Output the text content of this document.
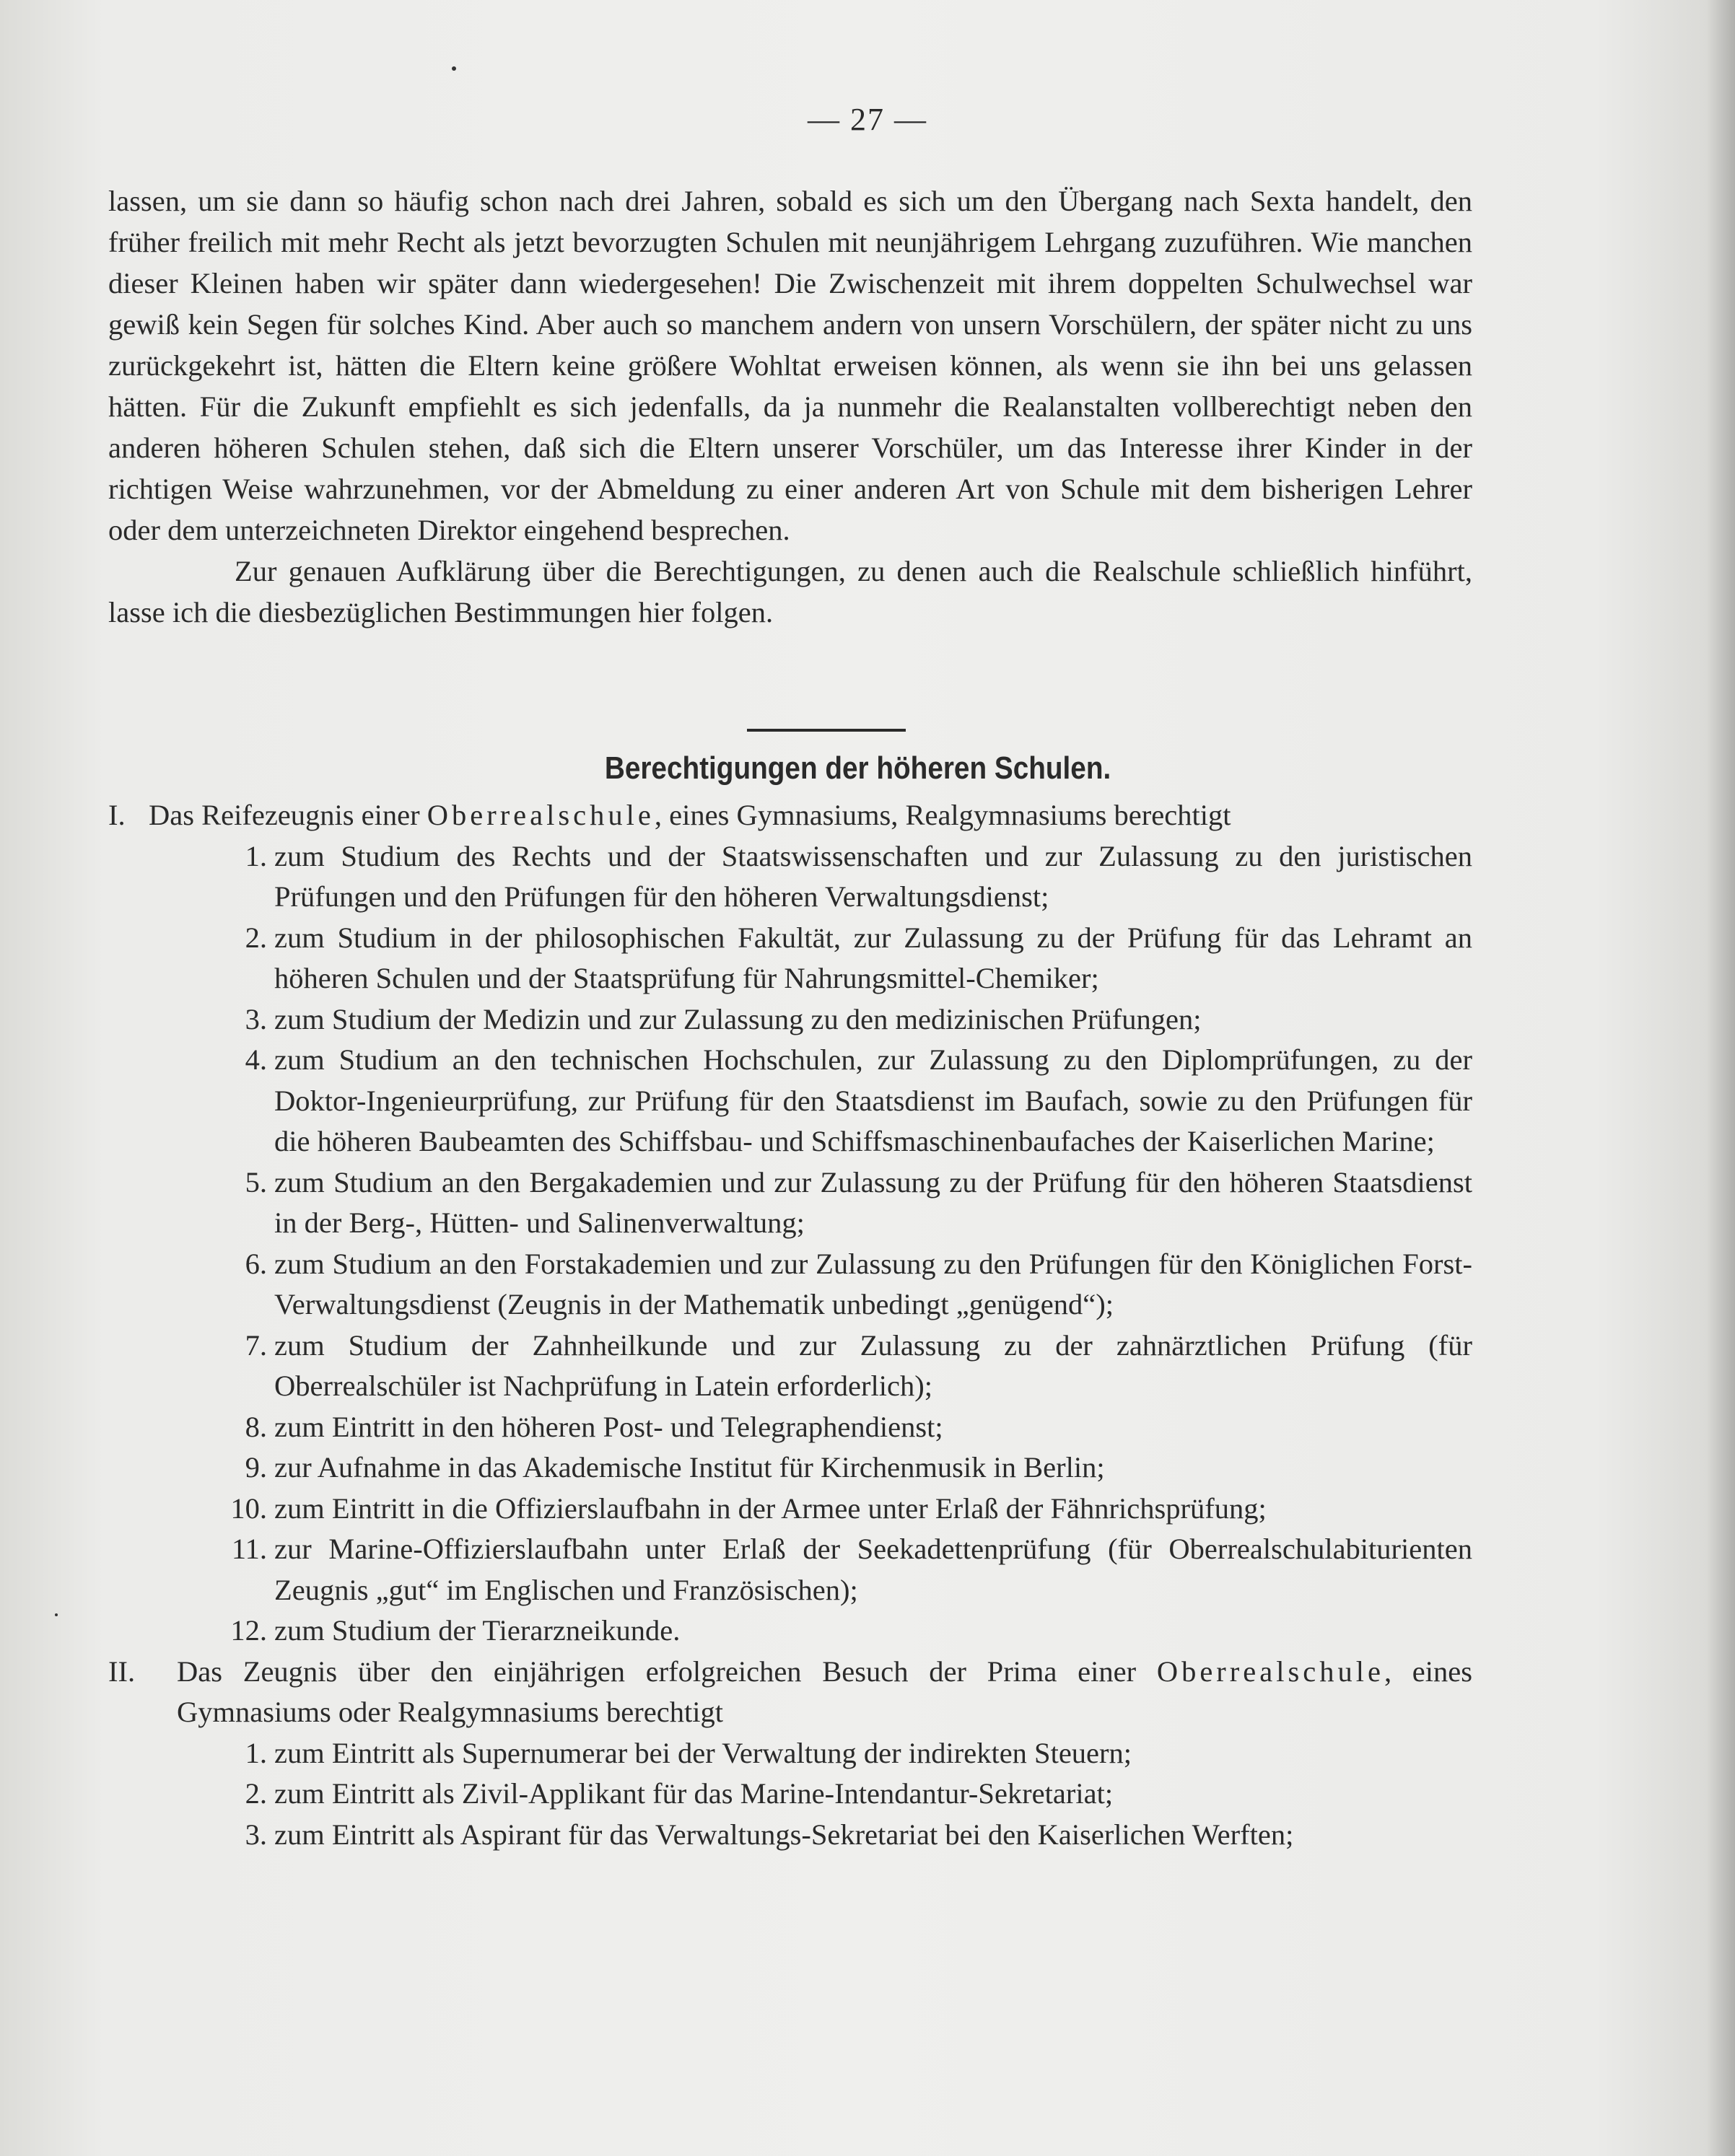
— 27 —

lassen, um sie dann so häufig schon nach drei Jahren, sobald es sich um den Übergang nach Sexta handelt, den früher freilich mit mehr Recht als jetzt bevorzugten Schulen mit neunjährigem Lehrgang zuzuführen. Wie manchen dieser Kleinen haben wir später dann wiedergesehen! Die Zwischenzeit mit ihrem doppelten Schulwechsel war gewiß kein Segen für solches Kind. Aber auch so manchem andern von unsern Vorschülern, der später nicht zu uns zurückgekehrt ist, hätten die Eltern keine größere Wohltat erweisen können, als wenn sie ihn bei uns gelassen hätten. Für die Zukunft empfiehlt es sich jedenfalls, da ja nunmehr die Realanstalten vollberechtigt neben den anderen höheren Schulen stehen, daß sich die Eltern unserer Vorschüler, um das Interesse ihrer Kinder in der richtigen Weise wahrzunehmen, vor der Abmeldung zu einer anderen Art von Schule mit dem bisherigen Lehrer oder dem unterzeichneten Direktor eingehend besprechen.

Zur genauen Aufklärung über die Berechtigungen, zu denen auch die Realschule schließlich hinführt, lasse ich die diesbezüglichen Bestimmungen hier folgen.

Berechtigungen der höheren Schulen.
I. Das Reifezeugnis einer Oberrealschule, eines Gymnasiums, Realgymnasiums berechtigt
1. zum Studium des Rechts und der Staatswissenschaften und zur Zulassung zu den juristischen Prüfungen und den Prüfungen für den höheren Verwaltungsdienst;
2. zum Studium in der philosophischen Fakultät, zur Zulassung zu der Prüfung für das Lehramt an höheren Schulen und der Staatsprüfung für Nahrungsmittel-Chemiker;
3. zum Studium der Medizin und zur Zulassung zu den medizinischen Prüfungen;
4. zum Studium an den technischen Hochschulen, zur Zulassung zu den Diplomprüfungen, zu der Doktor-Ingenieurprüfung, zur Prüfung für den Staatsdienst im Baufach, sowie zu den Prüfungen für die höheren Baubeamten des Schiffsbau- und Schiffsmaschinenbaufaches der Kaiserlichen Marine;
5. zum Studium an den Bergakademien und zur Zulassung zu der Prüfung für den höheren Staatsdienst in der Berg-, Hütten- und Salinenverwaltung;
6. zum Studium an den Forstakademien und zur Zulassung zu den Prüfungen für den Königlichen Forst-Verwaltungsdienst (Zeugnis in der Mathematik unbedingt „genügend“);
7. zum Studium der Zahnheilkunde und zur Zulassung zu der zahnärztlichen Prüfung (für Oberrealschüler ist Nachprüfung in Latein erforderlich);
8. zum Eintritt in den höheren Post- und Telegraphendienst;
9. zur Aufnahme in das Akademische Institut für Kirchenmusik in Berlin;
10. zum Eintritt in die Offizierslaufbahn in der Armee unter Erlaß der Fähnrichsprüfung;
11. zur Marine-Offizierslaufbahn unter Erlaß der Seekadettenprüfung (für Oberrealschulabiturienten Zeugnis „gut“ im Englischen und Französischen);
12. zum Studium der Tierarzneikunde.
II. Das Zeugnis über den einjährigen erfolgreichen Besuch der Prima einer Oberrealschule, eines Gymnasiums oder Realgymnasiums berechtigt
1. zum Eintritt als Supernumerar bei der Verwaltung der indirekten Steuern;
2. zum Eintritt als Zivil-Applikant für das Marine-Intendantur-Sekretariat;
3. zum Eintritt als Aspirant für das Verwaltungs-Sekretariat bei den Kaiserlichen Werften;
